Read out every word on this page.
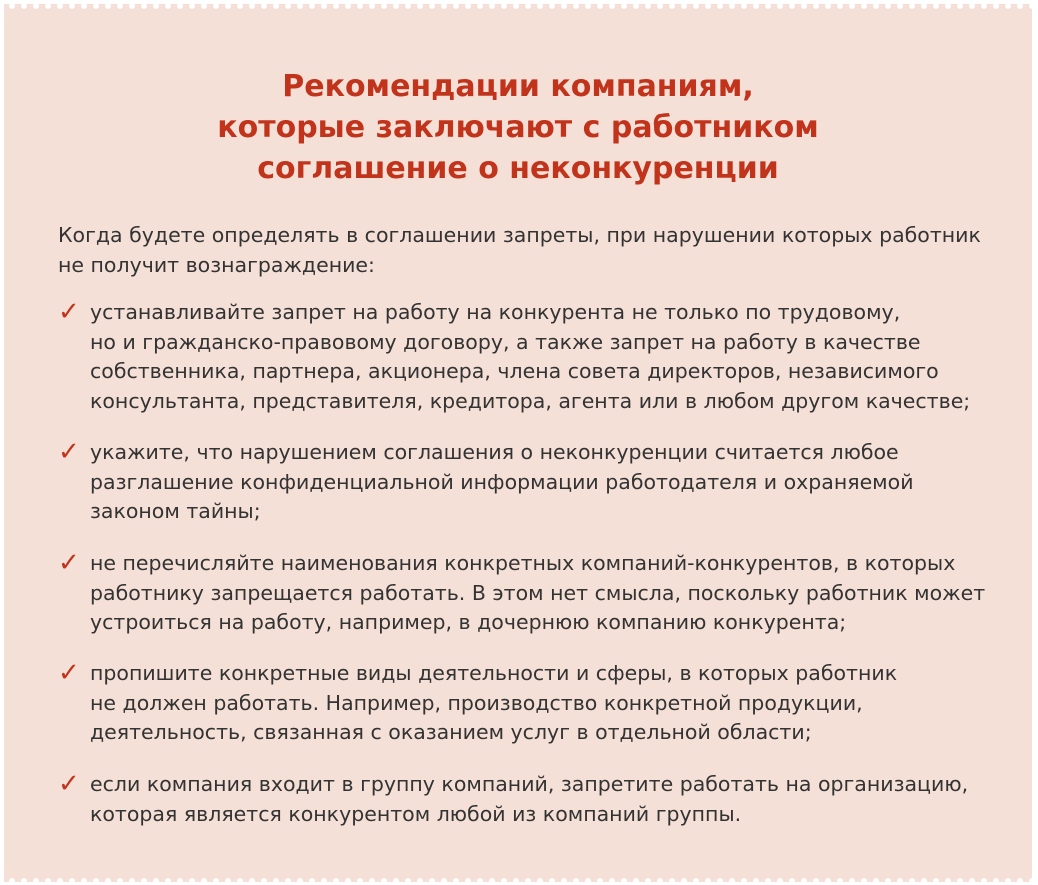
Рекомендации компаниям,
которые заключают с работником
соглашение о неконкуренции

Когда будете определять в соглашении запреты, при нарушении которых работник
не получит вознаграждение:

✓ устанавливайте запрет на работу на конкурента не только по трудовому,
но и гражданско-правовому договору, а также запрет на работу в качестве
собственника, партнера, акционера, члена совета директоров, независимого
консультанта, представителя, кредитора, агента или в любом другом качестве;
✓ укажите, что нарушением соглашения о неконкуренции считается любое
разглашение конфиденциальной информации работодателя и охраняемой
законом тайны;
✓ не перечисляйте наименования конкретных компаний-конкурентов, в которых
работнику запрещается работать. В этом нет смысла, поскольку работник может
устроиться на работу, например, в дочернюю компанию конкурента;
✓ пропишите конкретные виды деятельности и сферы, в которых работник
не должен работать. Например, производство конкретной продукции,
деятельность, связанная с оказанием услуг в отдельной области;
✓ если компания входит в группу компаний, запретите работать на организацию,
которая является конкурентом любой из компаний группы.
